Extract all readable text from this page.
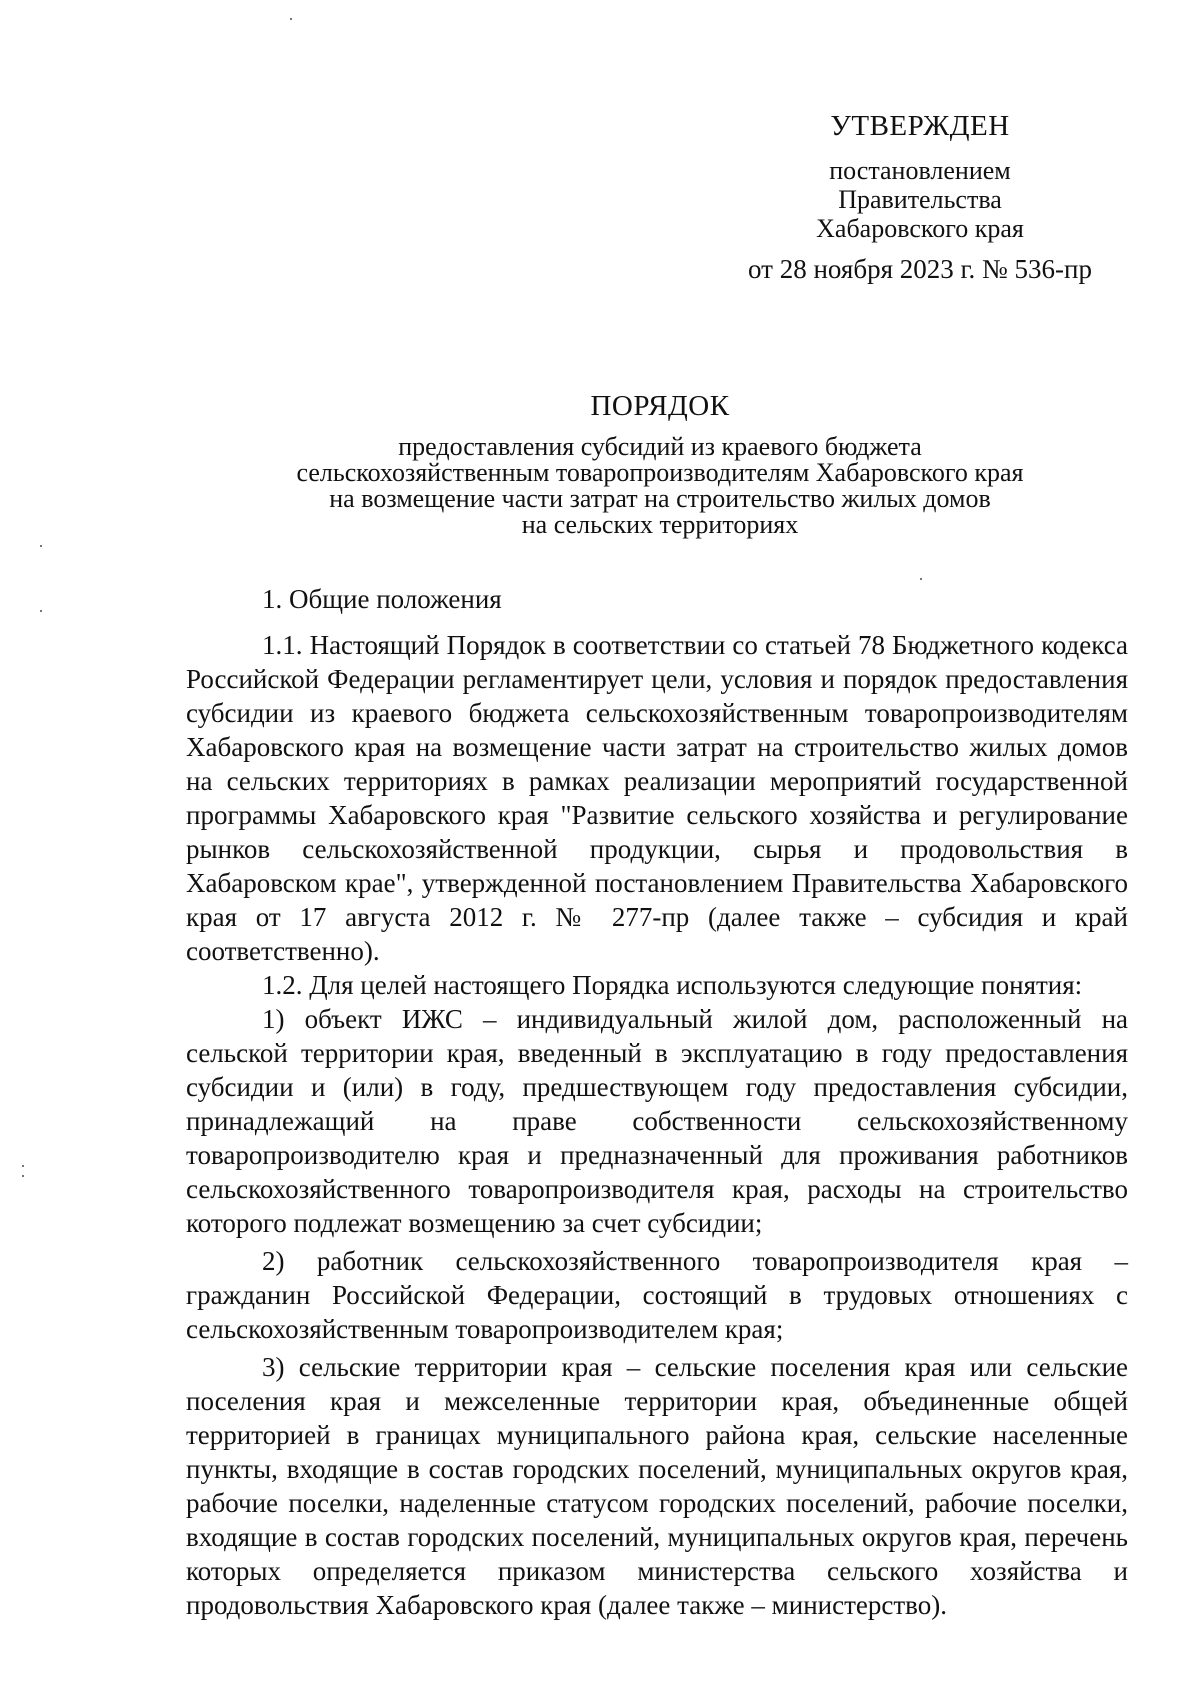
УТВЕРЖДЕН

постановлением

Правительства

Хабаровского края

от 28 ноября 2023 г. № 536-пр

ПОРЯДОК

предоставления субсидий из краевого бюджета

сельскохозяйственным товаропроизводителям Хабаровского края

на возмещение части затрат на строительство жилых домов

на сельских территориях

1. Общие положения

1.1. Настоящий Порядок в соответствии со статьей 78 Бюджетного кодекса Российской Федерации регламентирует цели, условия и порядок предоставления субсидии из краевого бюджета сельскохозяйственным товаропроизводителям Хабаровского края на возмещение части затрат на строительство жилых домов на сельских территориях в рамках реализации мероприятий государственной программы Хабаровского края "Развитие сельского хозяйства и регулирование рынков сельскохозяйственной продукции, сырья и продовольствия в Хабаровском крае", утвержденной постановлением Правительства Хабаровского края от 17 августа 2012 г. № 277-пр (далее также – субсидия и край соответственно).

1.2. Для целей настоящего Порядка используются следующие понятия:

1) объект ИЖС – индивидуальный жилой дом, расположенный на сельской территории края, введенный в эксплуатацию в году предоставления субсидии и (или) в году, предшествующем году предоставления субсидии, принадлежащий на праве собственности сельскохозяйственному товаропроизводителю края и предназначенный для проживания работников сельскохозяйственного товаропроизводителя края, расходы на строительство которого подлежат возмещению за счет субсидии;

2) работник сельскохозяйственного товаропроизводителя края – гражданин Российской Федерации, состоящий в трудовых отношениях с сельскохозяйственным товаропроизводителем края;

3) сельские территории края – сельские поселения края или сельские поселения края и межселенные территории края, объединенные общей территорией в границах муниципального района края, сельские населенные пункты, входящие в состав городских поселений, муниципальных округов края, рабочие поселки, наделенные статусом городских поселений, рабочие поселки, входящие в состав городских поселений, муниципальных округов края, перечень которых определяется приказом министерства сельского хозяйства и продовольствия Хабаровского края (далее также – министерство).
